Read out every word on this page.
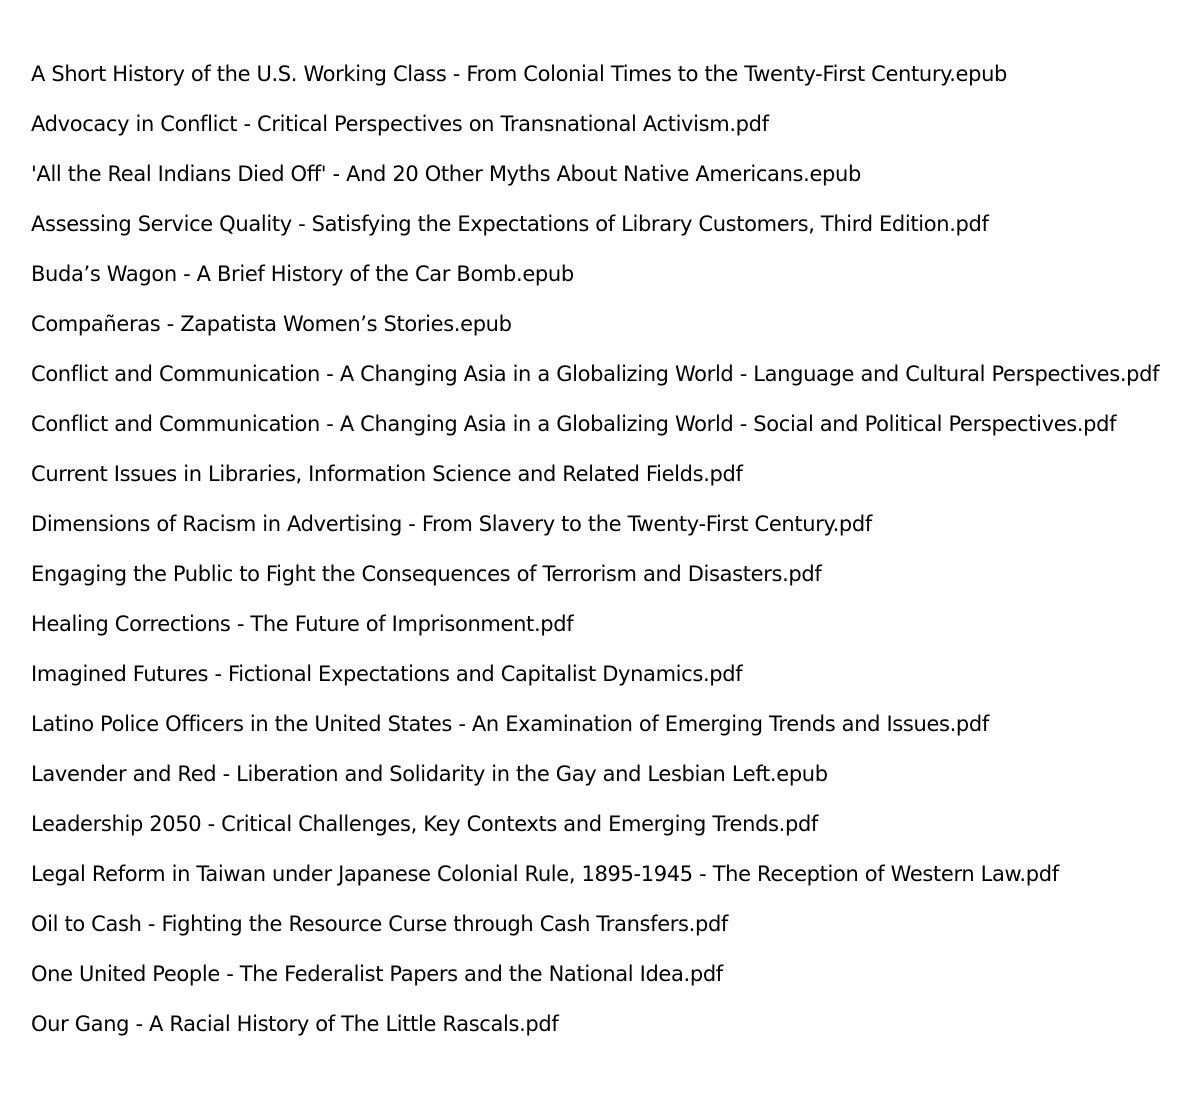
A Short History of the U.S. Working Class - From Colonial Times to the Twenty-First Century.epub
Advocacy in Conflict - Critical Perspectives on Transnational Activism.pdf
'All the Real Indians Died Off' - And 20 Other Myths About Native Americans.epub
Assessing Service Quality - Satisfying the Expectations of Library Customers, Third Edition.pdf
Buda’s Wagon - A Brief History of the Car Bomb.epub
Compañeras - Zapatista Women’s Stories.epub
Conflict and Communication - A Changing Asia in a Globalizing World - Language and Cultural Perspectives.pdf
Conflict and Communication - A Changing Asia in a Globalizing World - Social and Political Perspectives.pdf
Current Issues in Libraries, Information Science and Related Fields.pdf
Dimensions of Racism in Advertising - From Slavery to the Twenty-First Century.pdf
Engaging the Public to Fight the Consequences of Terrorism and Disasters.pdf
Healing Corrections - The Future of Imprisonment.pdf
Imagined Futures - Fictional Expectations and Capitalist Dynamics.pdf
Latino Police Officers in the United States - An Examination of Emerging Trends and Issues.pdf
Lavender and Red - Liberation and Solidarity in the Gay and Lesbian Left.epub
Leadership 2050 - Critical Challenges, Key Contexts and Emerging Trends.pdf
Legal Reform in Taiwan under Japanese Colonial Rule, 1895-1945 - The Reception of Western Law.pdf
Oil to Cash - Fighting the Resource Curse through Cash Transfers.pdf
One United People - The Federalist Papers and the National Idea.pdf
Our Gang - A Racial History of The Little Rascals.pdf
